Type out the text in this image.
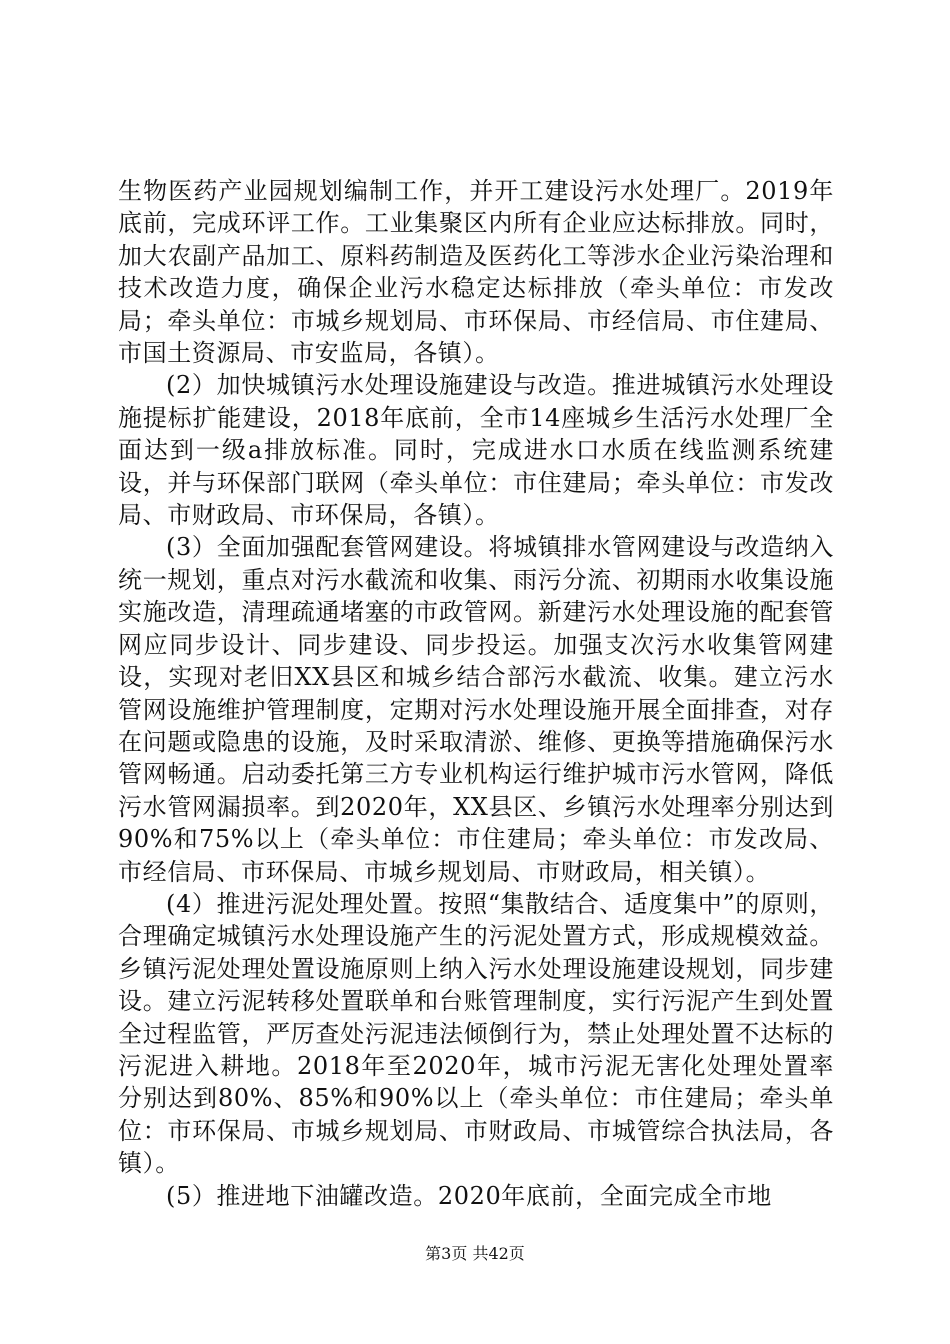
生物医药产业园规划编制工作，并开工建设污水处理厂。2019年底前，完成环评工作。工业集聚区内所有企业应达标排放。同时，加大农副产品加工、原料药制造及医药化工等涉水企业污染治理和技术改造力度，确保企业污水稳定达标排放（牵头单位：市发改局；牵头单位：市城乡规划局、市环保局、市经信局、市住建局、市国土资源局、市安监局，各镇）。

(2）加快城镇污水处理设施建设与改造。推进城镇污水处理设施提标扩能建设，2018年底前，全市14座城乡生活污水处理厂全面达到一级a排放标准。同时，完成进水口水质在线监测系统建设，并与环保部门联网（牵头单位：市住建局；牵头单位：市发改局、市财政局、市环保局，各镇）。

(3）全面加强配套管网建设。将城镇排水管网建设与改造纳入统一规划，重点对污水截流和收集、雨污分流、初期雨水收集设施实施改造，清理疏通堵塞的市政管网。新建污水处理设施的配套管网应同步设计、同步建设、同步投运。加强支次污水收集管网建设，实现对老旧XX县区和城乡结合部污水截流、收集。建立污水管网设施维护管理制度，定期对污水处理设施开展全面排查，对存在问题或隐患的设施，及时采取清淤、维修、更换等措施确保污水管网畅通。启动委托第三方专业机构运行维护城市污水管网，降低污水管网漏损率。到2020年，XX县区、乡镇污水处理率分别达到90%和75%以上（牵头单位：市住建局；牵头单位：市发改局、市经信局、市环保局、市城乡规划局、市财政局，相关镇）。

(4）推进污泥处理处置。按照“集散结合、适度集中”的原则，合理确定城镇污水处理设施产生的污泥处置方式，形成规模效益。乡镇污泥处理处置设施原则上纳入污水处理设施建设规划，同步建设。建立污泥转移处置联单和台账管理制度，实行污泥产生到处置全过程监管，严厉查处污泥违法倾倒行为，禁止处理处置不达标的污泥进入耕地。2018年至2020年，城市污泥无害化处理处置率分别达到80%、85%和90%以上（牵头单位：市住建局；牵头单位：市环保局、市城乡规划局、市财政局、市城管综合执法局，各镇）。

(5）推进地下油罐改造。2020年底前，全面完成全市地

第3页 共42页
